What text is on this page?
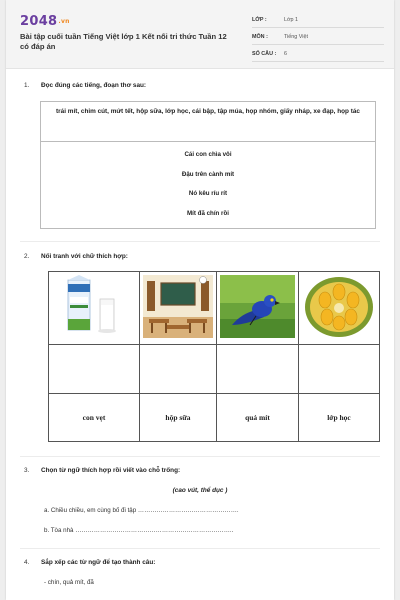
2048.vn
Bài tập cuối tuần Tiếng Việt lớp 1 Kết nối tri thức Tuần 12 có đáp án
LỚP :	Lớp 1
MÔN :	Tiếng Việt
SỐ CÂU : 6
1. Đọc đúng các tiếng, đoạn thơ sau:
trái mít, chim cút, mứt tết, hộp sữa, lớp học, cái bập, tập múa, họp nhóm, giấy nháp, xe đạp, họp tác
Cái con chìa vôi
Đậu trên cành mít
Nó kêu ríu rít
Mít đã chín rồi
2. Nối tranh với chữ thích hợp:
con vẹt	hộp sữa	quả mít	lớp học
3. Chọn từ ngữ thích hợp rồi viết vào chỗ trống:
(cao vút, thể dục )
a. Chiều chiều, em cùng bố đi tập ………………………………………….
b. Tòa nhà …………………………………………………………………..
4. Sắp xếp các từ ngữ để tạo thành câu:
- chín, quả mít, đã
